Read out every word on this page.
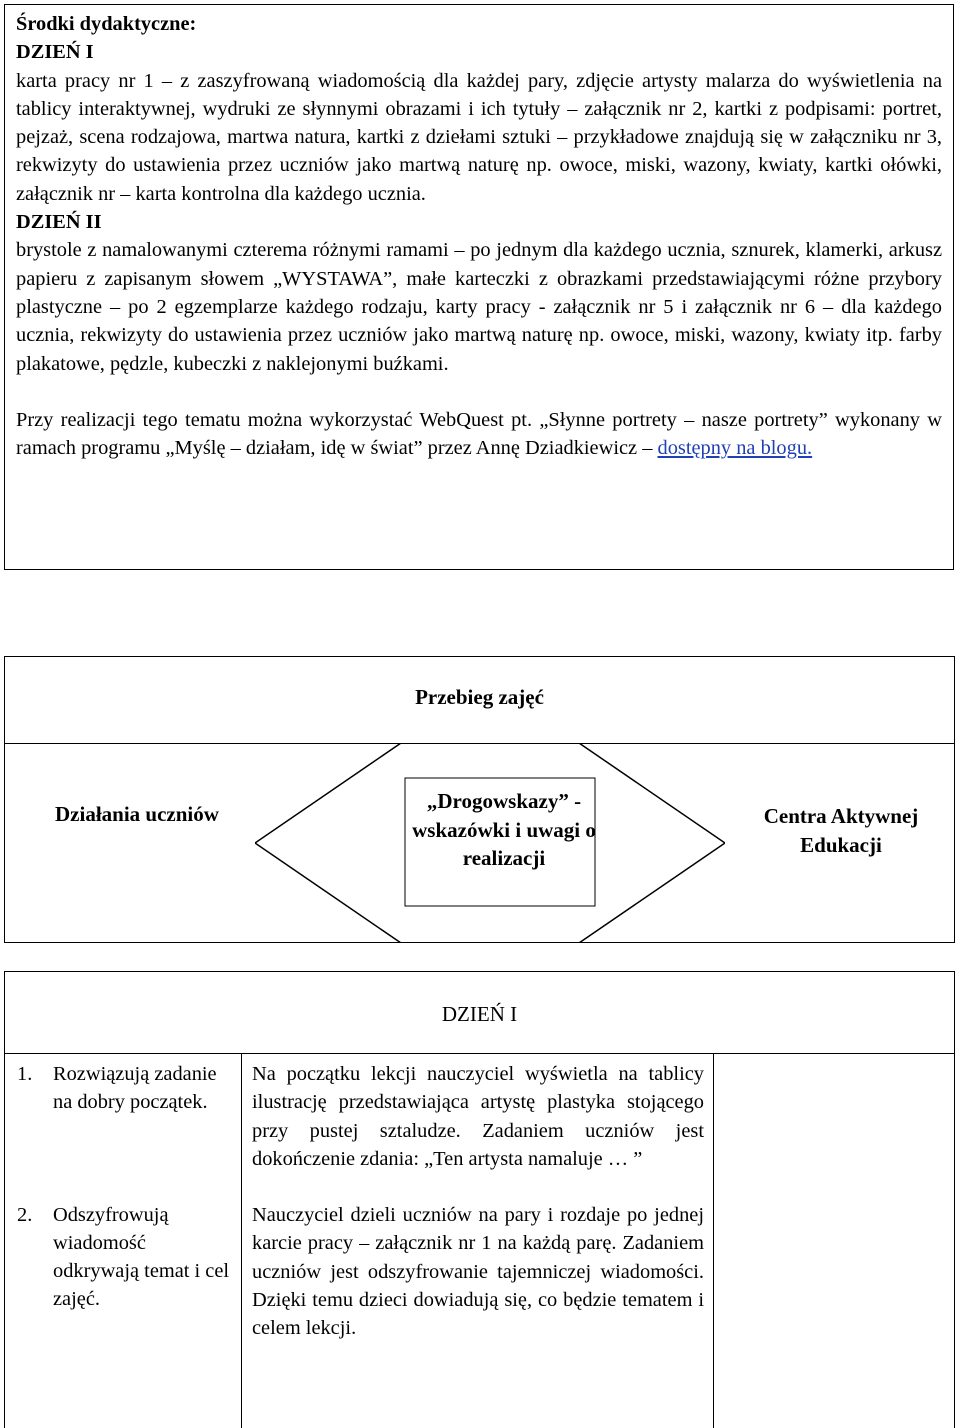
Środki dydaktyczne:

DZIEŃ I

karta pracy nr 1 – z zaszyfrowaną wiadomością dla każdej pary, zdjęcie artysty malarza do wyświetlenia na tablicy interaktywnej, wydruki ze słynnymi obrazami i ich tytuły – załącznik nr 2, kartki z podpisami: portret, pejzaż, scena rodzajowa, martwa natura, kartki z dziełami sztuki – przykładowe znajdują się w załączniku nr 3, rekwizyty do ustawienia przez uczniów jako martwą naturę np. owoce, miski, wazony, kwiaty, kartki ołówki, załącznik nr – karta kontrolna dla każdego ucznia.

DZIEŃ II

brystole z namalowanymi czterema różnymi ramami – po jednym dla każdego ucznia, sznurek, klamerki, arkusz papieru z zapisanym słowem „WYSTAWA”, małe karteczki z obrazkami przedstawiającymi różne przybory plastyczne – po 2 egzemplarze każdego rodzaju, karty pracy - załącznik nr 5 i załącznik nr 6 – dla każdego ucznia, rekwizyty do ustawienia przez uczniów jako martwą naturę np. owoce, miski, wazony, kwiaty itp. farby plakatowe, pędzle, kubeczki z naklejonymi buźkami.

Przy realizacji tego tematu można wykorzystać WebQuest pt. „Słynne portrety – nasze portrety” wykonany w ramach programu „Myślę – działam, idę w świat” przez Annę Dziadkiewicz – dostępny na blogu.

Przebieg zajęć
Działania uczniów
„Drogowskazy” -wskazówki i uwagi o realizacji
Centra Aktywnej Edukacji
DZIEŃ I
1.	Rozwiązują zadanie na dobry początek.
2.	Odszyfrowują wiadomość odkrywają temat i cel zajęć.

Na początku lekcji nauczyciel wyświetla na tablicy ilustrację przedstawiająca artystę plastyka stojącego przy pustej sztaludze. Zadaniem uczniów jest dokończenie zdania: „Ten artysta namaluje … ”

Nauczyciel dzieli uczniów na pary i rozdaje po jednej karcie pracy – załącznik nr 1 na każdą parę. Zadaniem uczniów jest odszyfrowanie tajemniczej wiadomości. Dzięki temu dzieci dowiadują się, co będzie tematem i celem lekcji.
